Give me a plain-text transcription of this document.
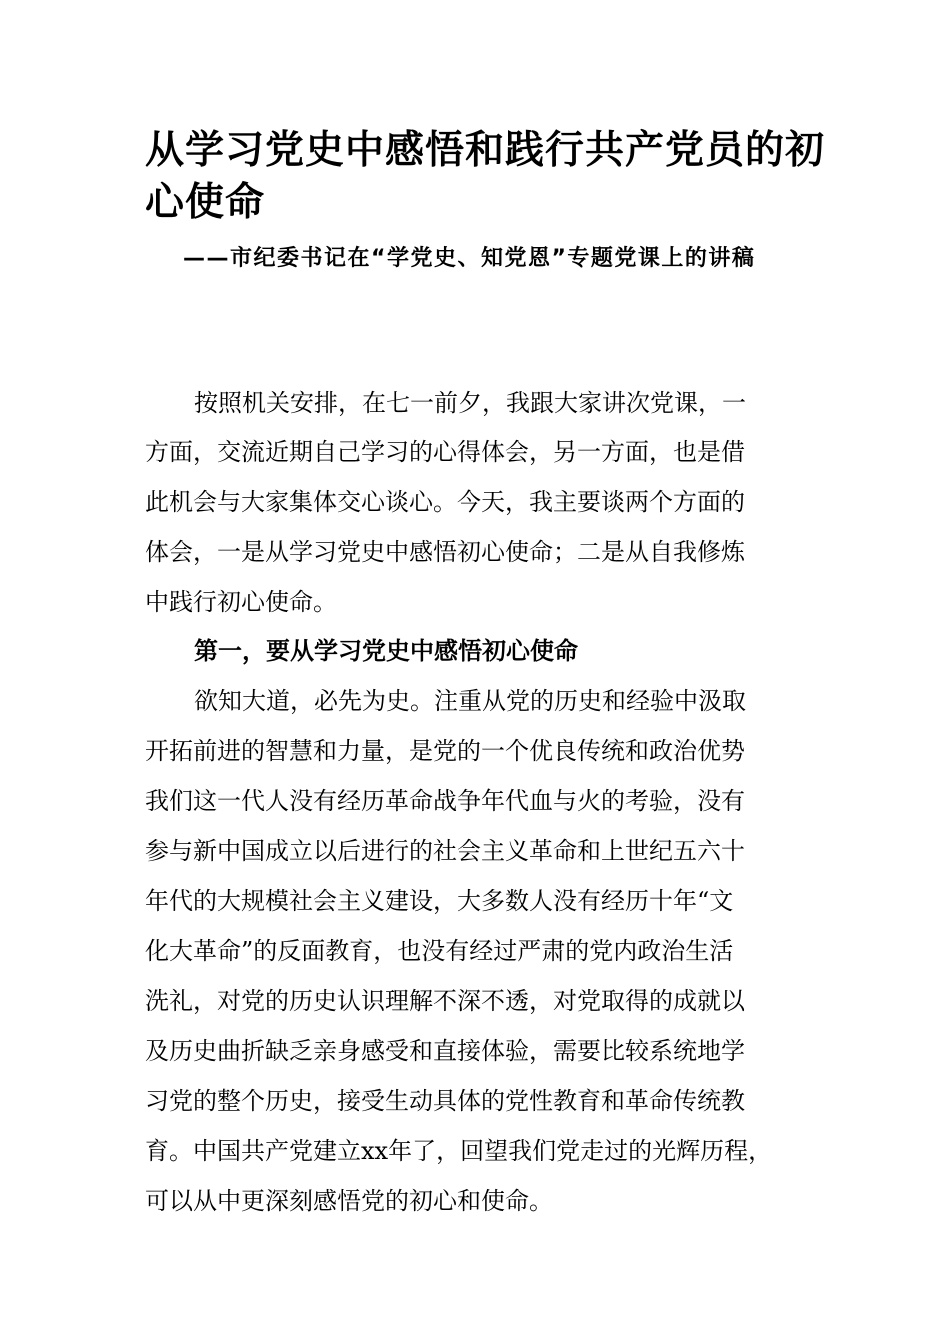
从学习党史中感悟和践行共产党员的初心使命
——市纪委书记在“学党史、知党恩”专题党课上的讲稿
按照机关安排，在七一前夕，我跟大家讲次党课，一
方面，交流近期自己学习的心得体会，另一方面，也是借
此机会与大家集体交心谈心。今天，我主要谈两个方面的
体会，一是从学习党史中感悟初心使命；二是从自我修炼
中践行初心使命。
第一，要从学习党史中感悟初心使命
欲知大道，必先为史。注重从党的历史和经验中汲取
开拓前进的智慧和力量，是党的一个优良传统和政治优势
我们这一代人没有经历革命战争年代血与火的考验，没有
参与新中国成立以后进行的社会主义革命和上世纪五六十
年代的大规模社会主义建设，大多数人没有经历十年“文
化大革命”的反面教育，也没有经过严肃的党内政治生活
洗礼，对党的历史认识理解不深不透，对党取得的成就以
及历史曲折缺乏亲身感受和直接体验，需要比较系统地学
习党的整个历史，接受生动具体的党性教育和革命传统教
育。中国共产党建立xx年了，回望我们党走过的光辉历程，
可以从中更深刻感悟党的初心和使命。
